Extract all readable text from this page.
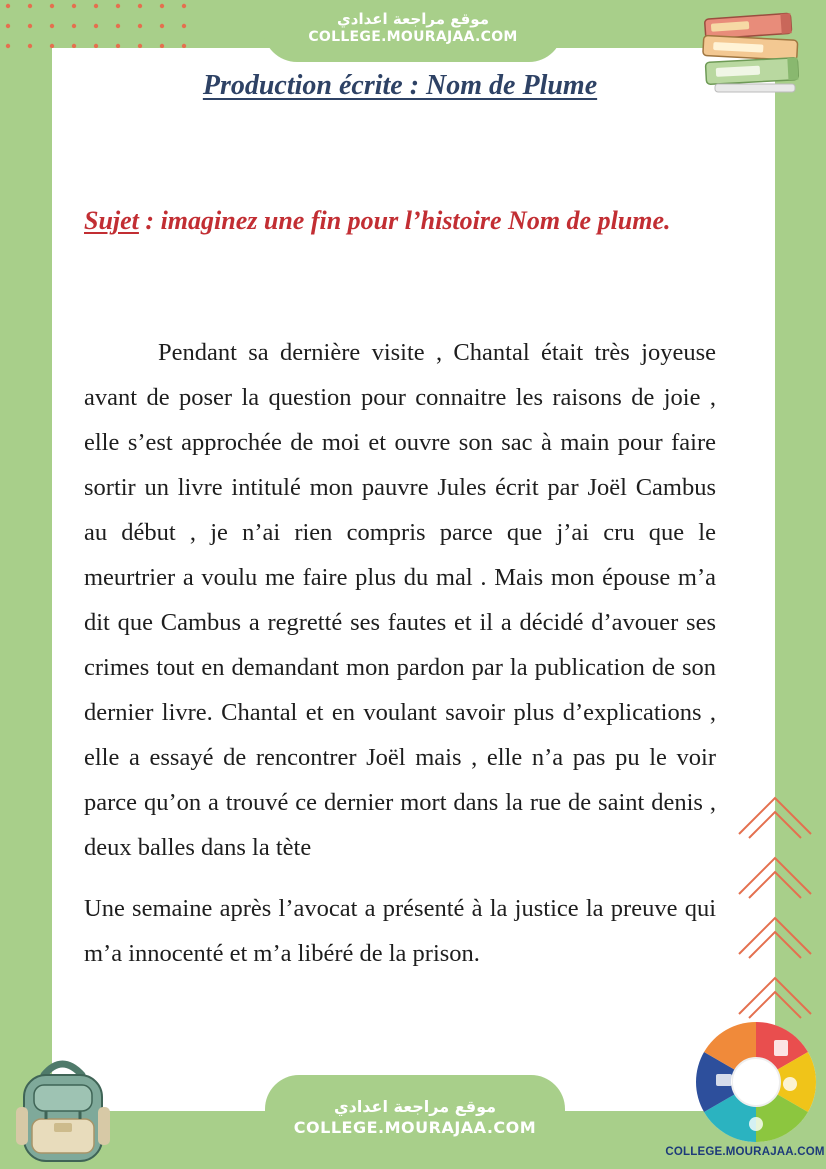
موقع مراجعة اعدادي
COLLEGE.MOURAJAA.COM
Production écrite : Nom de Plume
Sujet : imaginez une fin pour l’histoire Nom de plume.
Pendant sa dernière visite , Chantal était très joyeuse avant de poser la question pour connaitre les raisons de joie , elle s’est approchée de moi et ouvre son sac à main pour faire sortir un livre intitulé mon pauvre Jules écrit par Joël Cambus au début , je n’ai rien compris parce que j’ai cru que le meurtrier a voulu me faire plus du mal . Mais mon épouse m’a dit que Cambus a regretté ses fautes et il a décidé d’avouer ses crimes tout en demandant mon pardon par la publication de son dernier livre. Chantal et en voulant savoir plus d’explications , elle a essayé de rencontrer Joël mais , elle n’a pas pu le voir parce qu’on a trouvé ce dernier mort dans la rue de saint denis , deux balles dans la tète
Une semaine après l’avocat a présenté à la justice la preuve qui m’a innocenté et m’a libéré de la prison.
موقع مراجعة اعدادي
COLLEGE.MOURAJAA.COM
COLLEGE.MOURAJAA.COM
